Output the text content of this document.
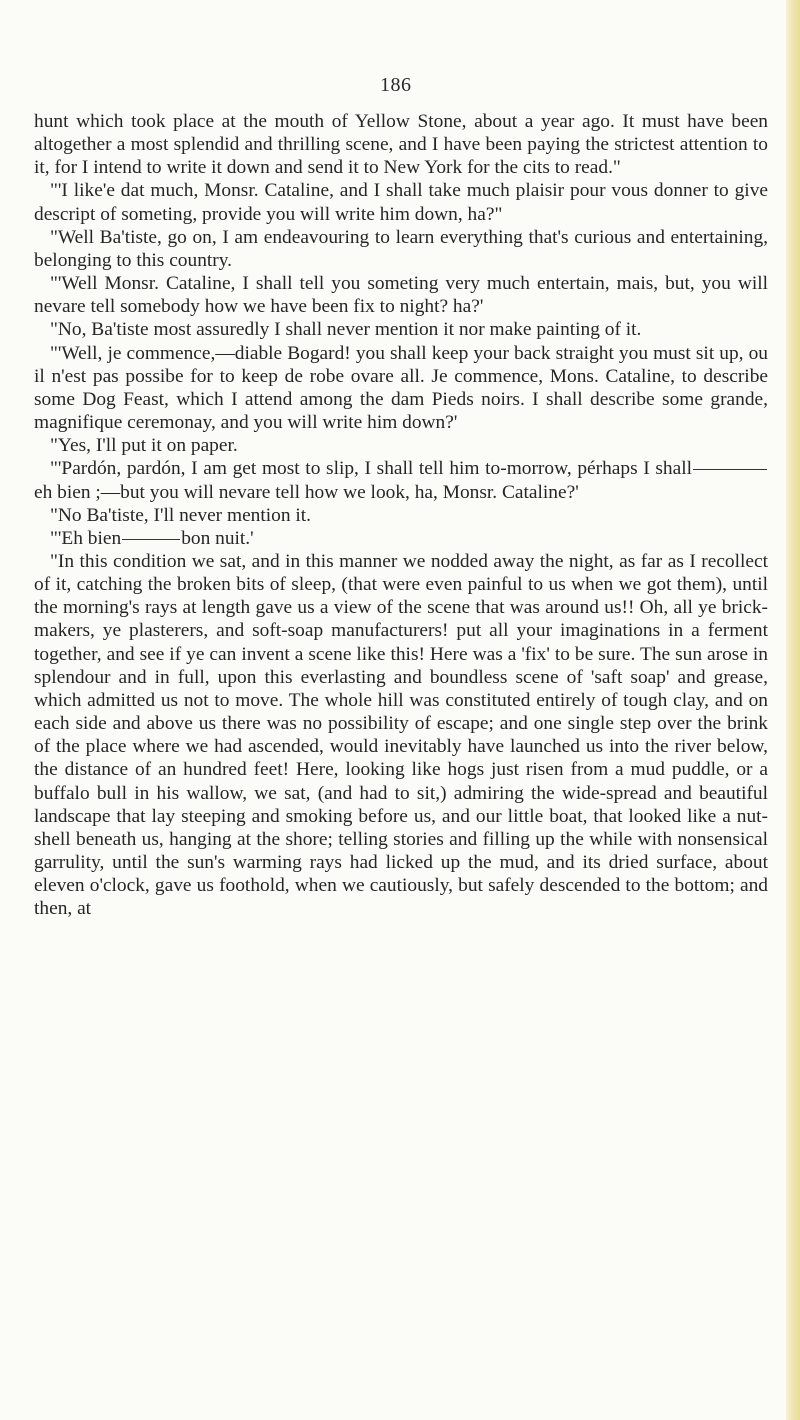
186

hunt which took place at the mouth of Yellow Stone, about a year ago. It must have been altogether a most splendid and thrilling scene, and I have been paying the strictest attention to it, for I intend to write it down and send it to New York for the cits to read."

"'I like'e dat much, Monsr. Cataline, and I shall take much plaisir pour vous donner to give descript of someting, provide you will write him down, ha?"

"Well Ba'tiste, go on, I am endeavouring to learn everything that's curious and entertaining, belonging to this country.

"'Well Monsr. Cataline, I shall tell you someting very much entertain, mais, but, you will nevare tell somebody how we have been fix to night? ha?'

"No, Ba'tiste most assuredly I shall never mention it nor make painting of it.

"'Well, je commence,—diable Bogard! you shall keep your back straight you must sit up, ou il n'est pas possibe for to keep de robe ovare all. Je commence, Mons. Cataline, to describe some Dog Feast, which I attend among the dam Pieds noirs. I shall describe some grande, magnifique ceremonay, and you will write him down?'

"Yes, I'll put it on paper.

"'Pardón, pardón, I am get most to slip, I shall tell him to-morrow, pérhaps I shalleh bien ;—but you will nevare tell how we look, ha, Monsr. Cataline?'

"No Ba'tiste, I'll never mention it.

"'Eh bien	bon nuit.'

"In this condition we sat, and in this manner we nodded away the night, as far as I recollect of it, catching the broken bits of sleep, (that were even painful to us when we got them), until the morning's rays at length gave us a view of the scene that was around us!! Oh, all ye brick-makers, ye plasterers, and soft-soap manufacturers! put all your imaginations in a ferment together, and see if ye can invent a scene like this! Here was a 'fix' to be sure. The sun arose in splendour and in full, upon this everlasting and boundless scene of 'saft soap' and grease, which admitted us not to move. The whole hill was constituted entirely of tough clay, and on each side and above us there was no possibility of escape; and one single step over the brink of the place where we had ascended, would inevitably have launched us into the river below, the distance of an hundred feet! Here, looking like hogs just risen from a mud puddle, or a buffalo bull in his wallow, we sat, (and had to sit,) admiring the wide-spread and beautiful landscape that lay steeping and smoking before us, and our little boat, that looked like a nut-shell beneath us, hanging at the shore; telling stories and filling up the while with nonsensical garrulity, until the sun's warming rays had licked up the mud, and its dried surface, about eleven o'clock, gave us foothold, when we cautiously, but safely descended to the bottom; and then, at
